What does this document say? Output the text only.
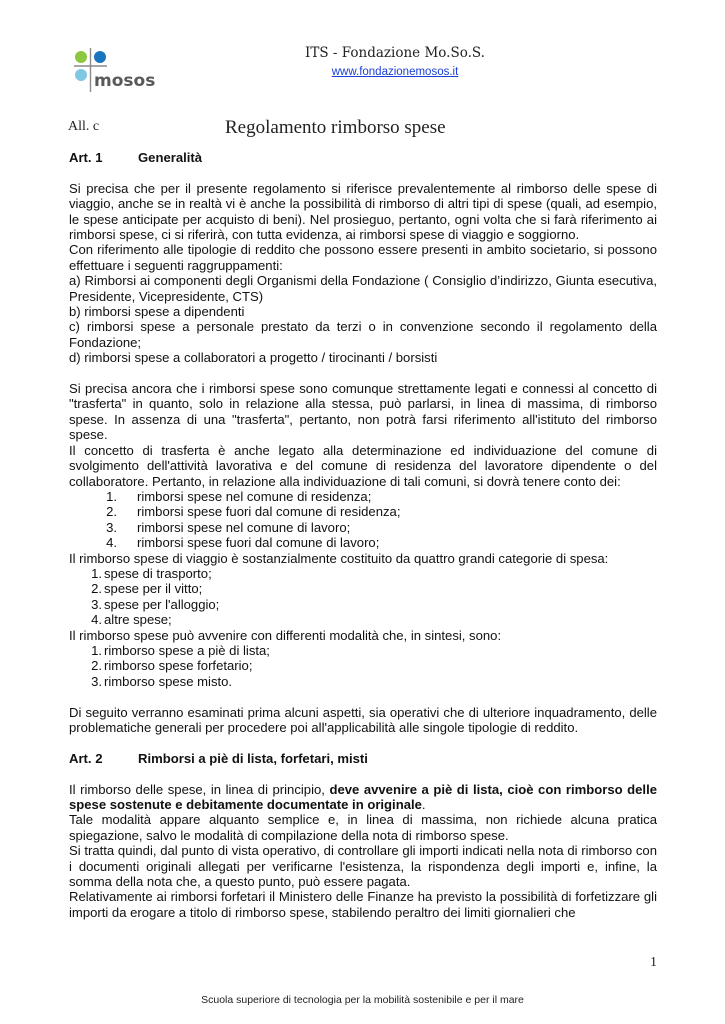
mosos
ITS - Fondazione Mo.So.S.
www.fondazionemosos.it
All. c	Regolamento rimborso spese
Art. 1	Generalità

Si precisa che per il presente regolamento si riferisce prevalentemente al rimborso delle spese di viaggio, anche se in realtà vi è anche la possibilità di rimborso di altri tipi di spese (quali, ad esempio, le spese anticipate per acquisto di beni). Nel prosieguo, pertanto, ogni volta che si farà riferimento ai rimborsi spese, ci si riferirà, con tutta evidenza, ai rimborsi spese di viaggio e soggiorno.

Con riferimento alle tipologie di reddito che possono essere presenti in ambito societario, si possono effettuare i seguenti raggruppamenti:

a) Rimborsi ai componenti degli Organismi della Fondazione ( Consiglio d’indirizzo, Giunta esecutiva, Presidente, Vicepresidente, CTS)

b) rimborsi spese a dipendenti

c) rimborsi spese a personale prestato da terzi o in convenzione secondo il regolamento della Fondazione;

d) rimborsi spese a collaboratori a progetto / tirocinanti / borsisti

Si precisa ancora che i rimborsi spese sono comunque strettamente legati e connessi al concetto di "trasferta" in quanto, solo in relazione alla stessa, può parlarsi, in linea di massima, di rimborso spese. In assenza di una "trasferta", pertanto, non potrà farsi riferimento all'istituto del rimborso spese.

Il concetto di trasferta è anche legato alla determinazione ed individuazione del comune di svolgimento dell'attività lavorativa e del comune di residenza del lavoratore dipendente o del collaboratore. Pertanto, in relazione alla individuazione di tali comuni, si dovrà tenere conto dei:

1.	rimborsi spese nel comune di residenza;
2.	rimborsi spese fuori dal comune di residenza;
3.	rimborsi spese nel comune di lavoro;
4.	rimborsi spese fuori dal comune di lavoro;

Il rimborso spese di viaggio è sostanzialmente costituito da quattro grandi categorie di spesa:

1. spese di trasporto;
2. spese per il vitto;
3. spese per l'alloggio;
4. altre spese;

Il rimborso spese può avvenire con differenti modalità che, in sintesi, sono:

1. rimborso spese a piè di lista;
2. rimborso spese forfetario;
3. rimborso spese misto.

Di seguito verranno esaminati prima alcuni aspetti, sia operativi che di ulteriore inquadramento, delle problematiche generali per procedere poi all'applicabilità alle singole tipologie di reddito.

Art. 2	Rimborsi a piè di lista, forfetari, misti

Il rimborso delle spese, in linea di principio, deve avvenire a piè di lista, cioè con rimborso delle spese sostenute e debitamente documentate in originale.

Tale modalità appare alquanto semplice e, in linea di massima, non richiede alcuna pratica spiegazione, salvo le modalità di compilazione della nota di rimborso spese.

Si tratta quindi, dal punto di vista operativo, di controllare gli importi indicati nella nota di rimborso con i documenti originali allegati per verificarne l'esistenza, la rispondenza degli importi e, infine, la somma della nota che, a questo punto, può essere pagata.

Relativamente ai rimborsi forfetari il Ministero delle Finanze ha previsto la possibilità di forfetizzare gli importi da erogare a titolo di rimborso spese, stabilendo peraltro dei limiti giornalieri che

1
Scuola superiore di tecnologia per la mobilità sostenibile e per il mare
